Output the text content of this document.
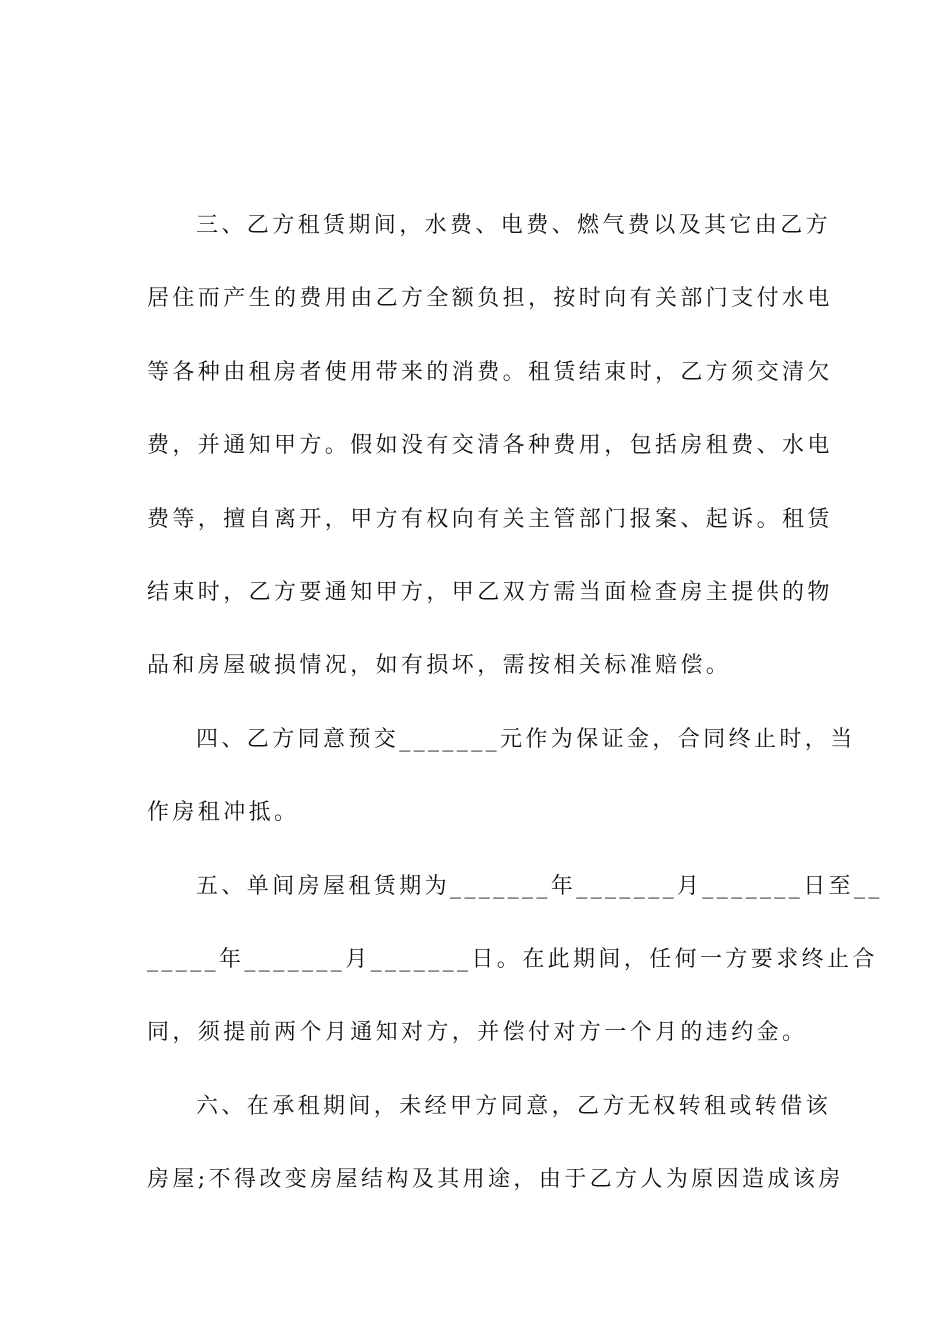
三、乙方租赁期间，水费、电费、燃气费以及其它由乙方
居住而产生的费用由乙方全额负担，按时向有关部门支付水电
等各种由租房者使用带来的消费。租赁结束时，乙方须交清欠
费，并通知甲方。假如没有交清各种费用，包括房租费、水电
费等，擅自离开，甲方有权向有关主管部门报案、起诉。租赁
结束时，乙方要通知甲方，甲乙双方需当面检查房主提供的物
品和房屋破损情况，如有损坏，需按相关标准赔偿。
四、乙方同意预交_______元作为保证金，合同终止时，当
作房租冲抵。
五、单间房屋租赁期为_______年_______月_______日至__
_____年_______月_______日。在此期间，任何一方要求终止合
同，须提前两个月通知对方，并偿付对方一个月的违约金。
六、在承租期间，未经甲方同意，乙方无权转租或转借该
房屋;不得改变房屋结构及其用途，由于乙方人为原因造成该房
